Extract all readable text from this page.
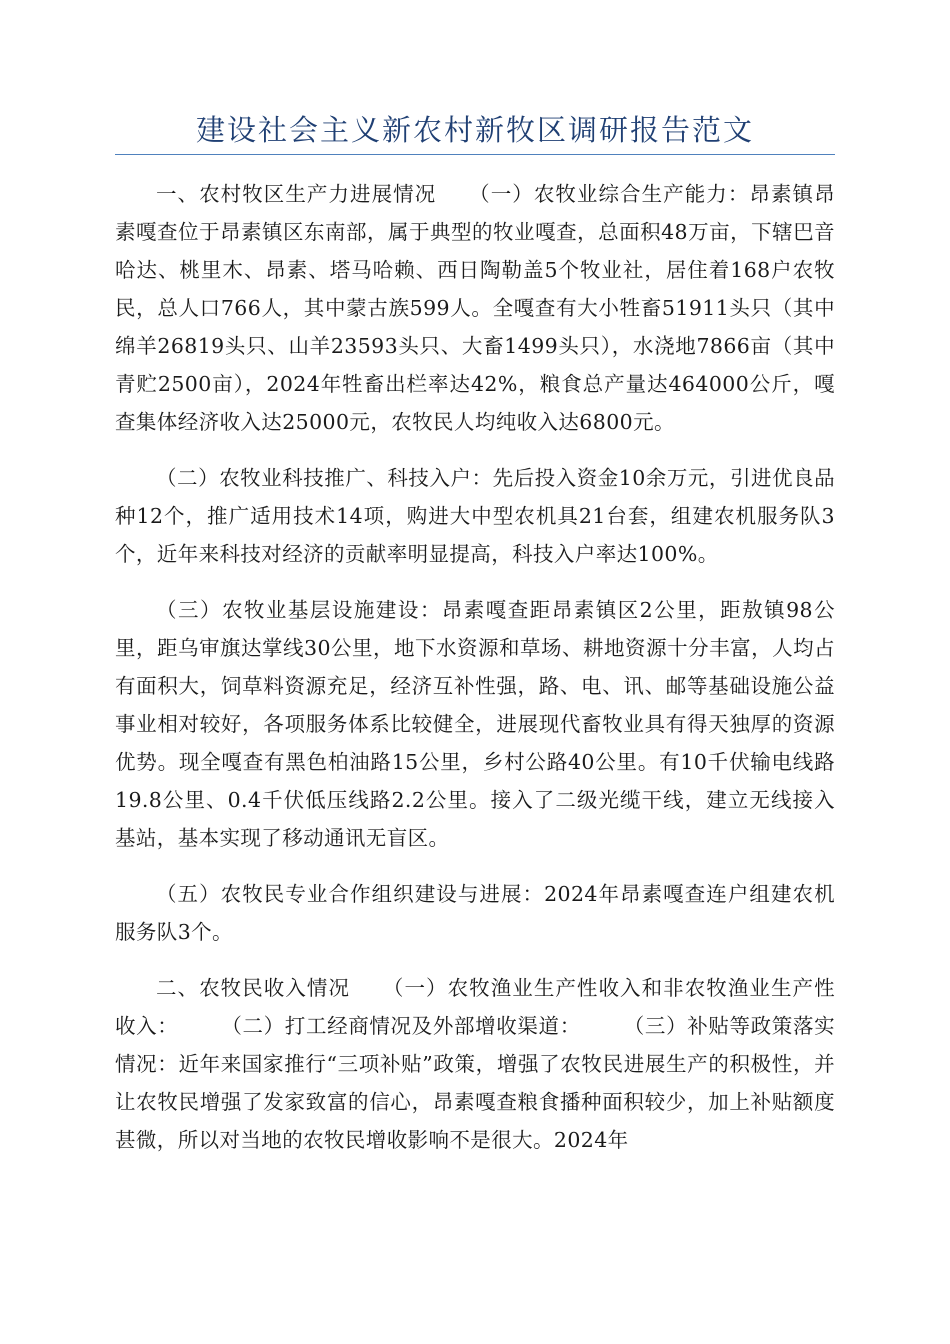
建设社会主义新农村新牧区调研报告范文

一、农村牧区生产力进展情况　　（一）农牧业综合生产能力：昂素镇昂素嘎查位于昂素镇区东南部，属于典型的牧业嘎查，总面积48万亩，下辖巴音哈达、桃里木、昂素、塔马哈赖、西日陶勒盖5个牧业社，居住着168户农牧民，总人口766人，其中蒙古族599人。全嘎查有大小牲畜51911头只（其中绵羊26819头只、山羊23593头只、大畜1499头只），水浇地7866亩（其中青贮2500亩），2024年牲畜出栏率达42%，粮食总产量达464000公斤，嘎查集体经济收入达25000元，农牧民人均纯收入达6800元。

（二）农牧业科技推广、科技入户：先后投入资金10余万元，引进优良品种12个，推广适用技术14项，购进大中型农机具21台套，组建农机服务队3个，近年来科技对经济的贡献率明显提高，科技入户率达100%。

（三）农牧业基层设施建设：昂素嘎查距昂素镇区2公里，距敖镇98公里，距乌审旗达掌线30公里，地下水资源和草场、耕地资源十分丰富，人均占有面积大，饲草料资源充足，经济互补性强，路、电、讯、邮等基础设施公益事业相对较好，各项服务体系比较健全，进展现代畜牧业具有得天独厚的资源优势。现全嘎查有黑色柏油路15公里，乡村公路40公里。有10千伏输电线路19.8公里、0.4千伏低压线路2.2公里。接入了二级光缆干线，建立无线接入基站，基本实现了移动通讯无盲区。

（五）农牧民专业合作组织建设与进展：2024年昂素嘎查连户组建农机服务队3个。

二、农牧民收入情况　　（一）农牧渔业生产性收入和非农牧渔业生产性收入：　　　（二）打工经商情况及外部增收渠道：　　　（三）补贴等政策落实情况：近年来国家推行“三项补贴”政策，增强了农牧民进展生产的积极性，并让农牧民增强了发家致富的信心，昂素嘎查粮食播种面积较少，加上补贴额度甚微，所以对当地的农牧民增收影响不是很大。2024年
